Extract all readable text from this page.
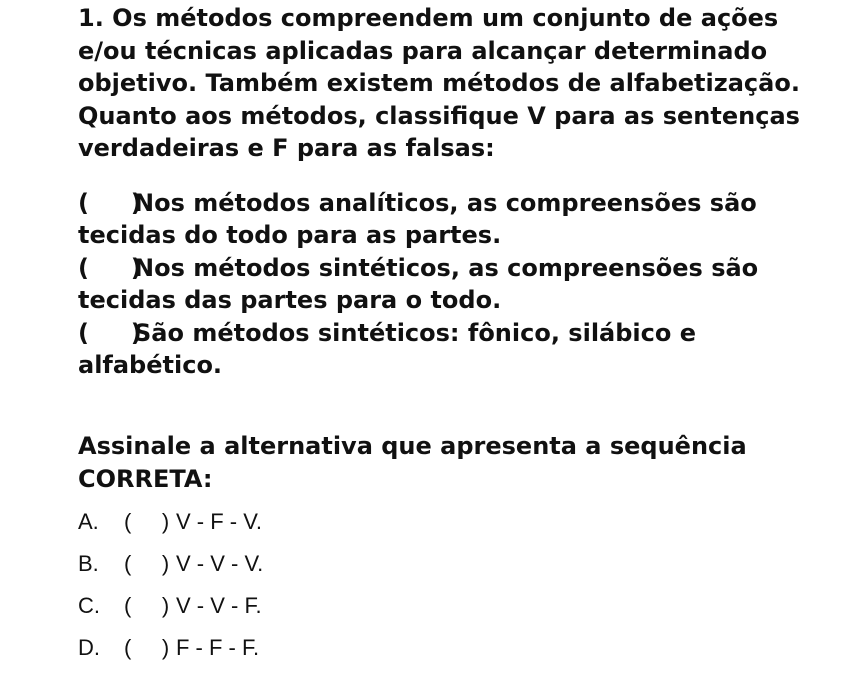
1. Os métodos compreendem um conjunto de ações e/ou técnicas aplicadas para alcançar determinado objetivo. Também existem métodos de alfabetização. Quanto aos métodos, classifique V para as sentenças verdadeiras e F para as falsas:

(     )Nos métodos analíticos, as compreensões são tecidas do todo para as partes.

(     )Nos métodos sintéticos, as compreensões são tecidas das partes para o todo.

(     )São métodos sintéticos: fônico, silábico e alfabético.

Assinale a alternativa que apresenta a sequência CORRETA:
A.	(     ) V - F - V.
B.	(     ) V - V - V.
C.	(     ) V - V - F.
D.	(     ) F - F - F.
